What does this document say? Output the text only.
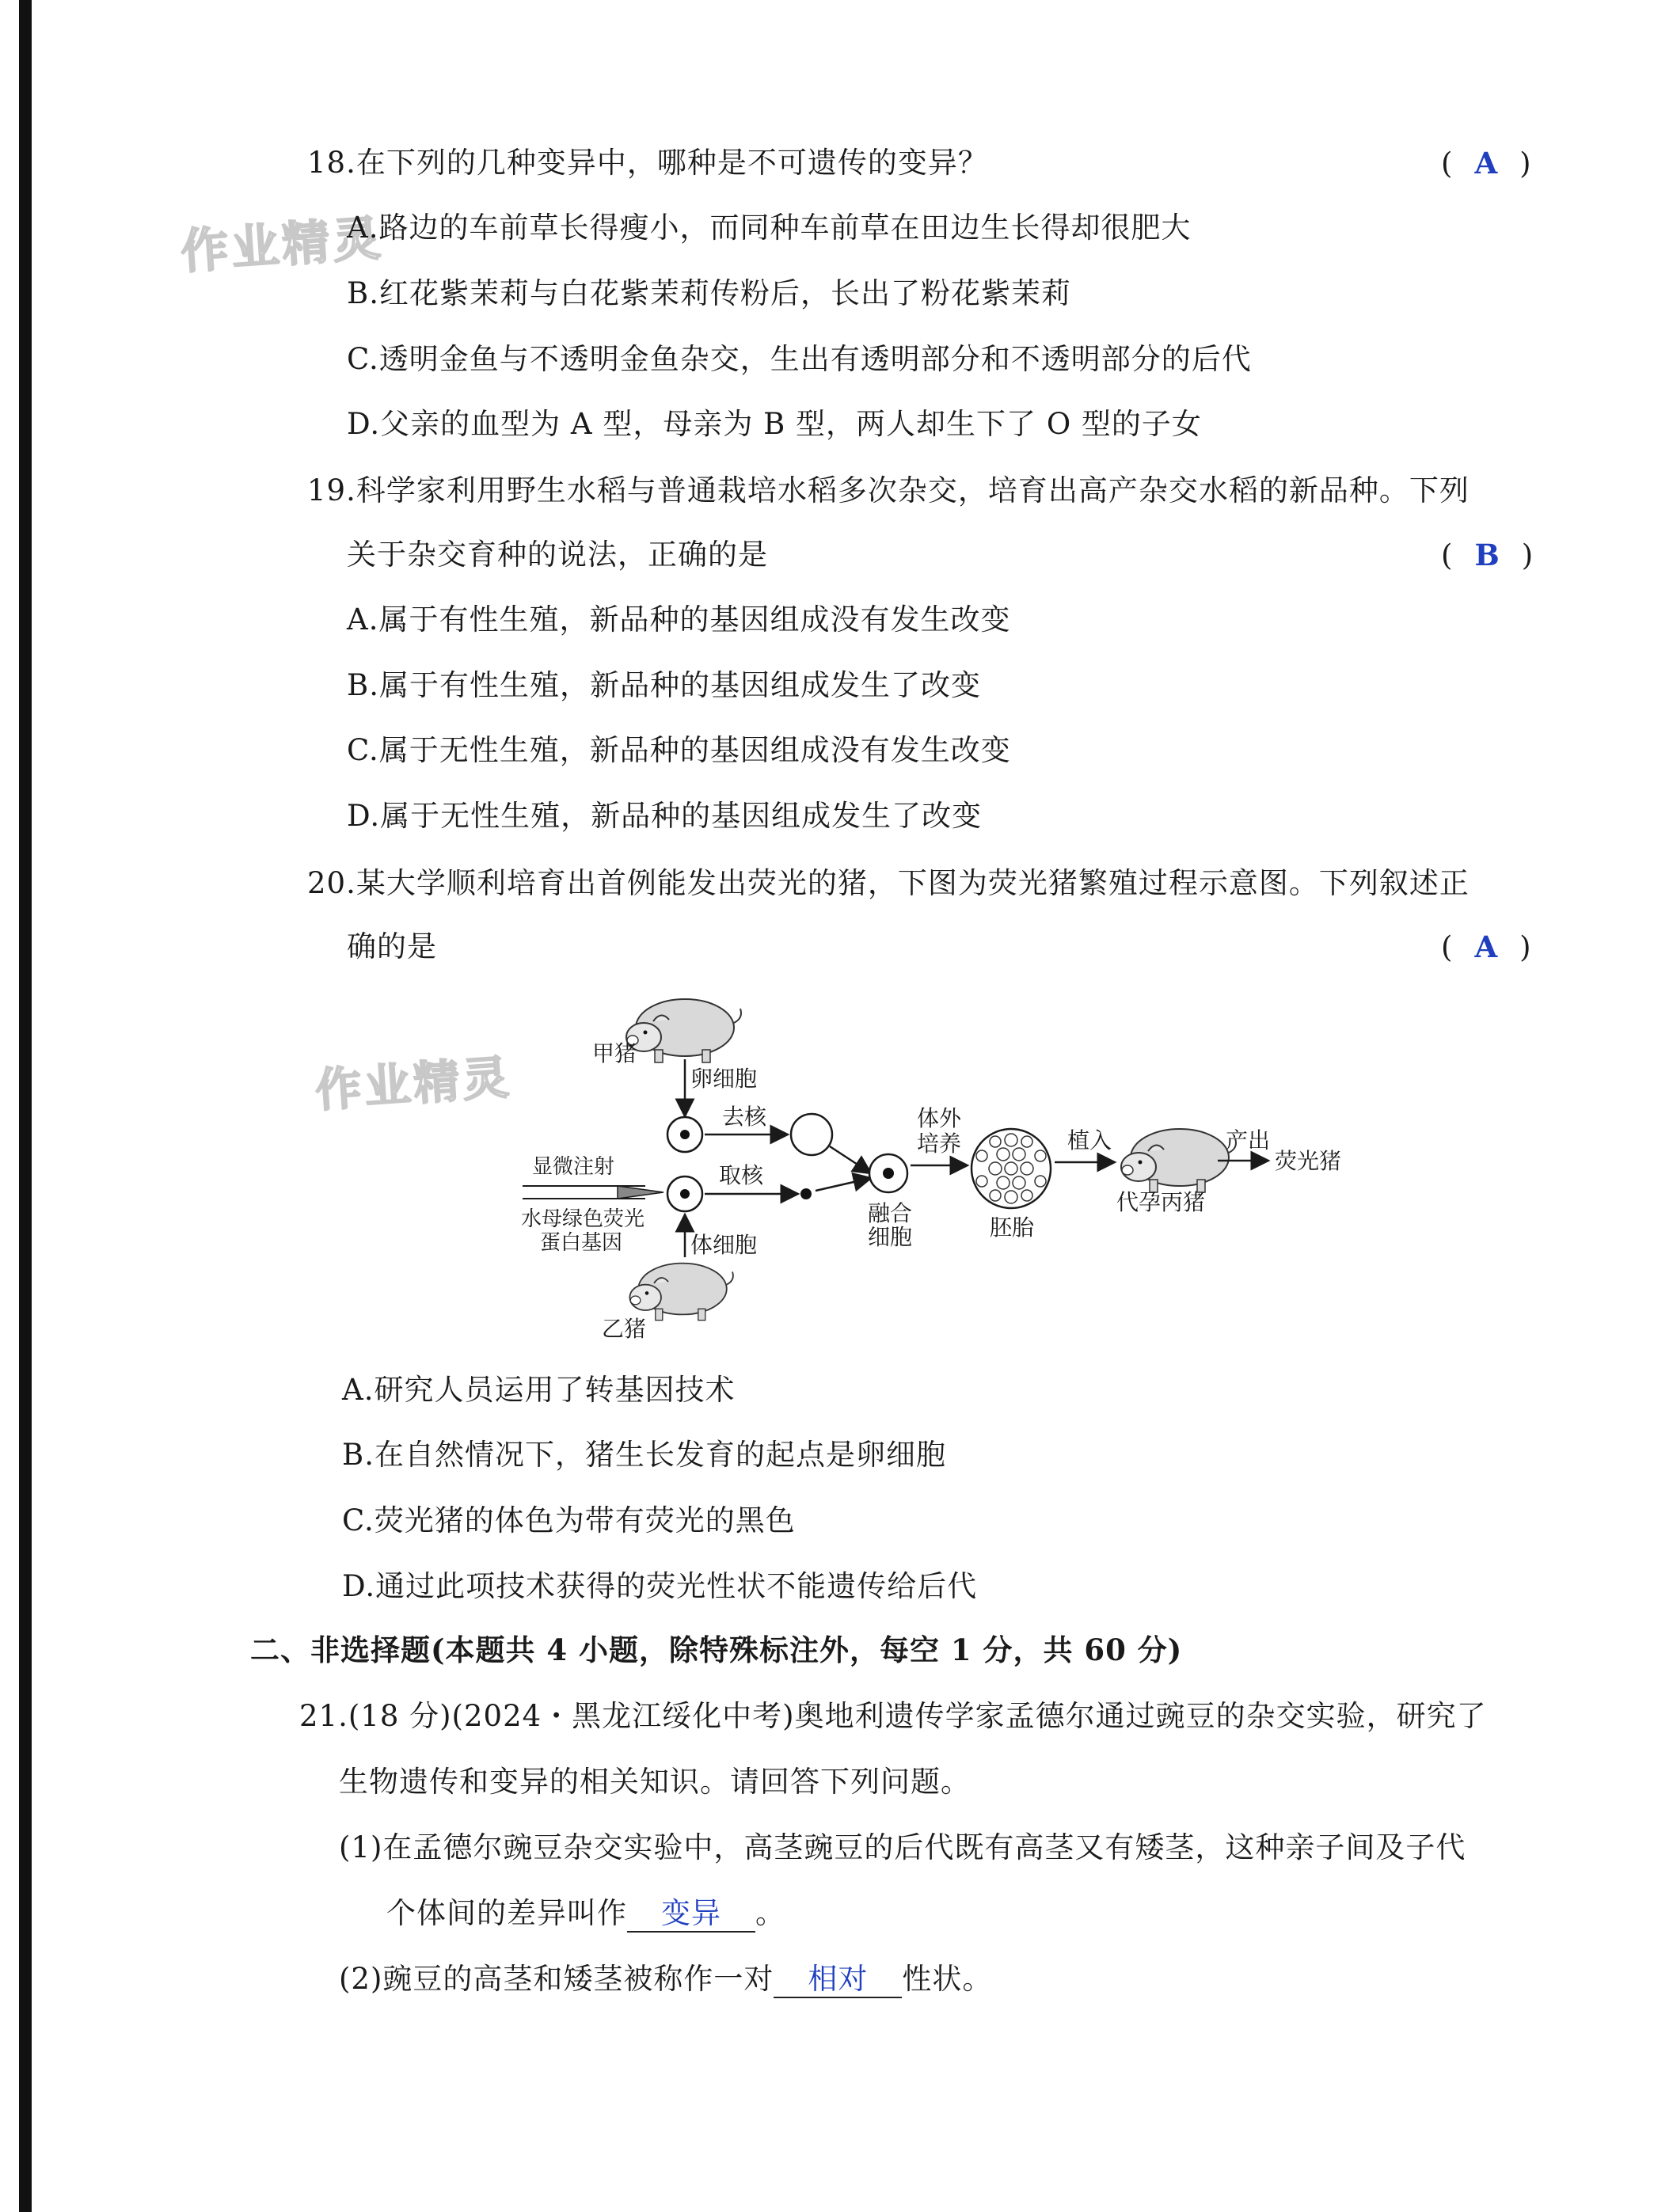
作业精灵
作业精灵
18.在下列的几种变异中，哪种是不可遗传的变异？	( A )
A.路边的车前草长得瘦小，而同种车前草在田边生长得却很肥大
B.红花紫茉莉与白花紫茉莉传粉后，长出了粉花紫茉莉
C.透明金鱼与不透明金鱼杂交，生出有透明部分和不透明部分的后代
D.父亲的血型为 A 型，母亲为 B 型，两人却生下了 O 型的子女
19.科学家利用野生水稻与普通栽培水稻多次杂交，培育出高产杂交水稻的新品种。下列
关于杂交育种的说法，正确的是	( B )
A.属于有性生殖，新品种的基因组成没有发生改变
B.属于有性生殖，新品种的基因组成发生了改变
C.属于无性生殖，新品种的基因组成没有发生改变
D.属于无性生殖，新品种的基因组成发生了改变
20.某大学顺利培育出首例能发出荧光的猪，下图为荧光猪繁殖过程示意图。下列叙述正
确的是	( A )
甲猪
卵细胞
去核
显微注射
水母绿色荧光
蛋白基因
取核
体细胞
乙猪
融合
细胞
体外
培养
胚胎
植入
代孕丙猪
产出
荧光猪
A.研究人员运用了转基因技术
B.在自然情况下，猪生长发育的起点是卵细胞
C.荧光猪的体色为带有荧光的黑色
D.通过此项技术获得的荧光性状不能遗传给后代
二、非选择题(本题共 4 小题，除特殊标注外，每空 1 分，共 60 分)
21.(18 分)(2024・黑龙江绥化中考)奥地利遗传学家孟德尔通过豌豆的杂交实验，研究了
生物遗传和变异的相关知识。请回答下列问题。
(1)在孟德尔豌豆杂交实验中，高茎豌豆的后代既有高茎又有矮茎，这种亲子间及子代
个体间的差异叫作 变异 。
(2)豌豆的高茎和矮茎被称作一对 相对 性状。
